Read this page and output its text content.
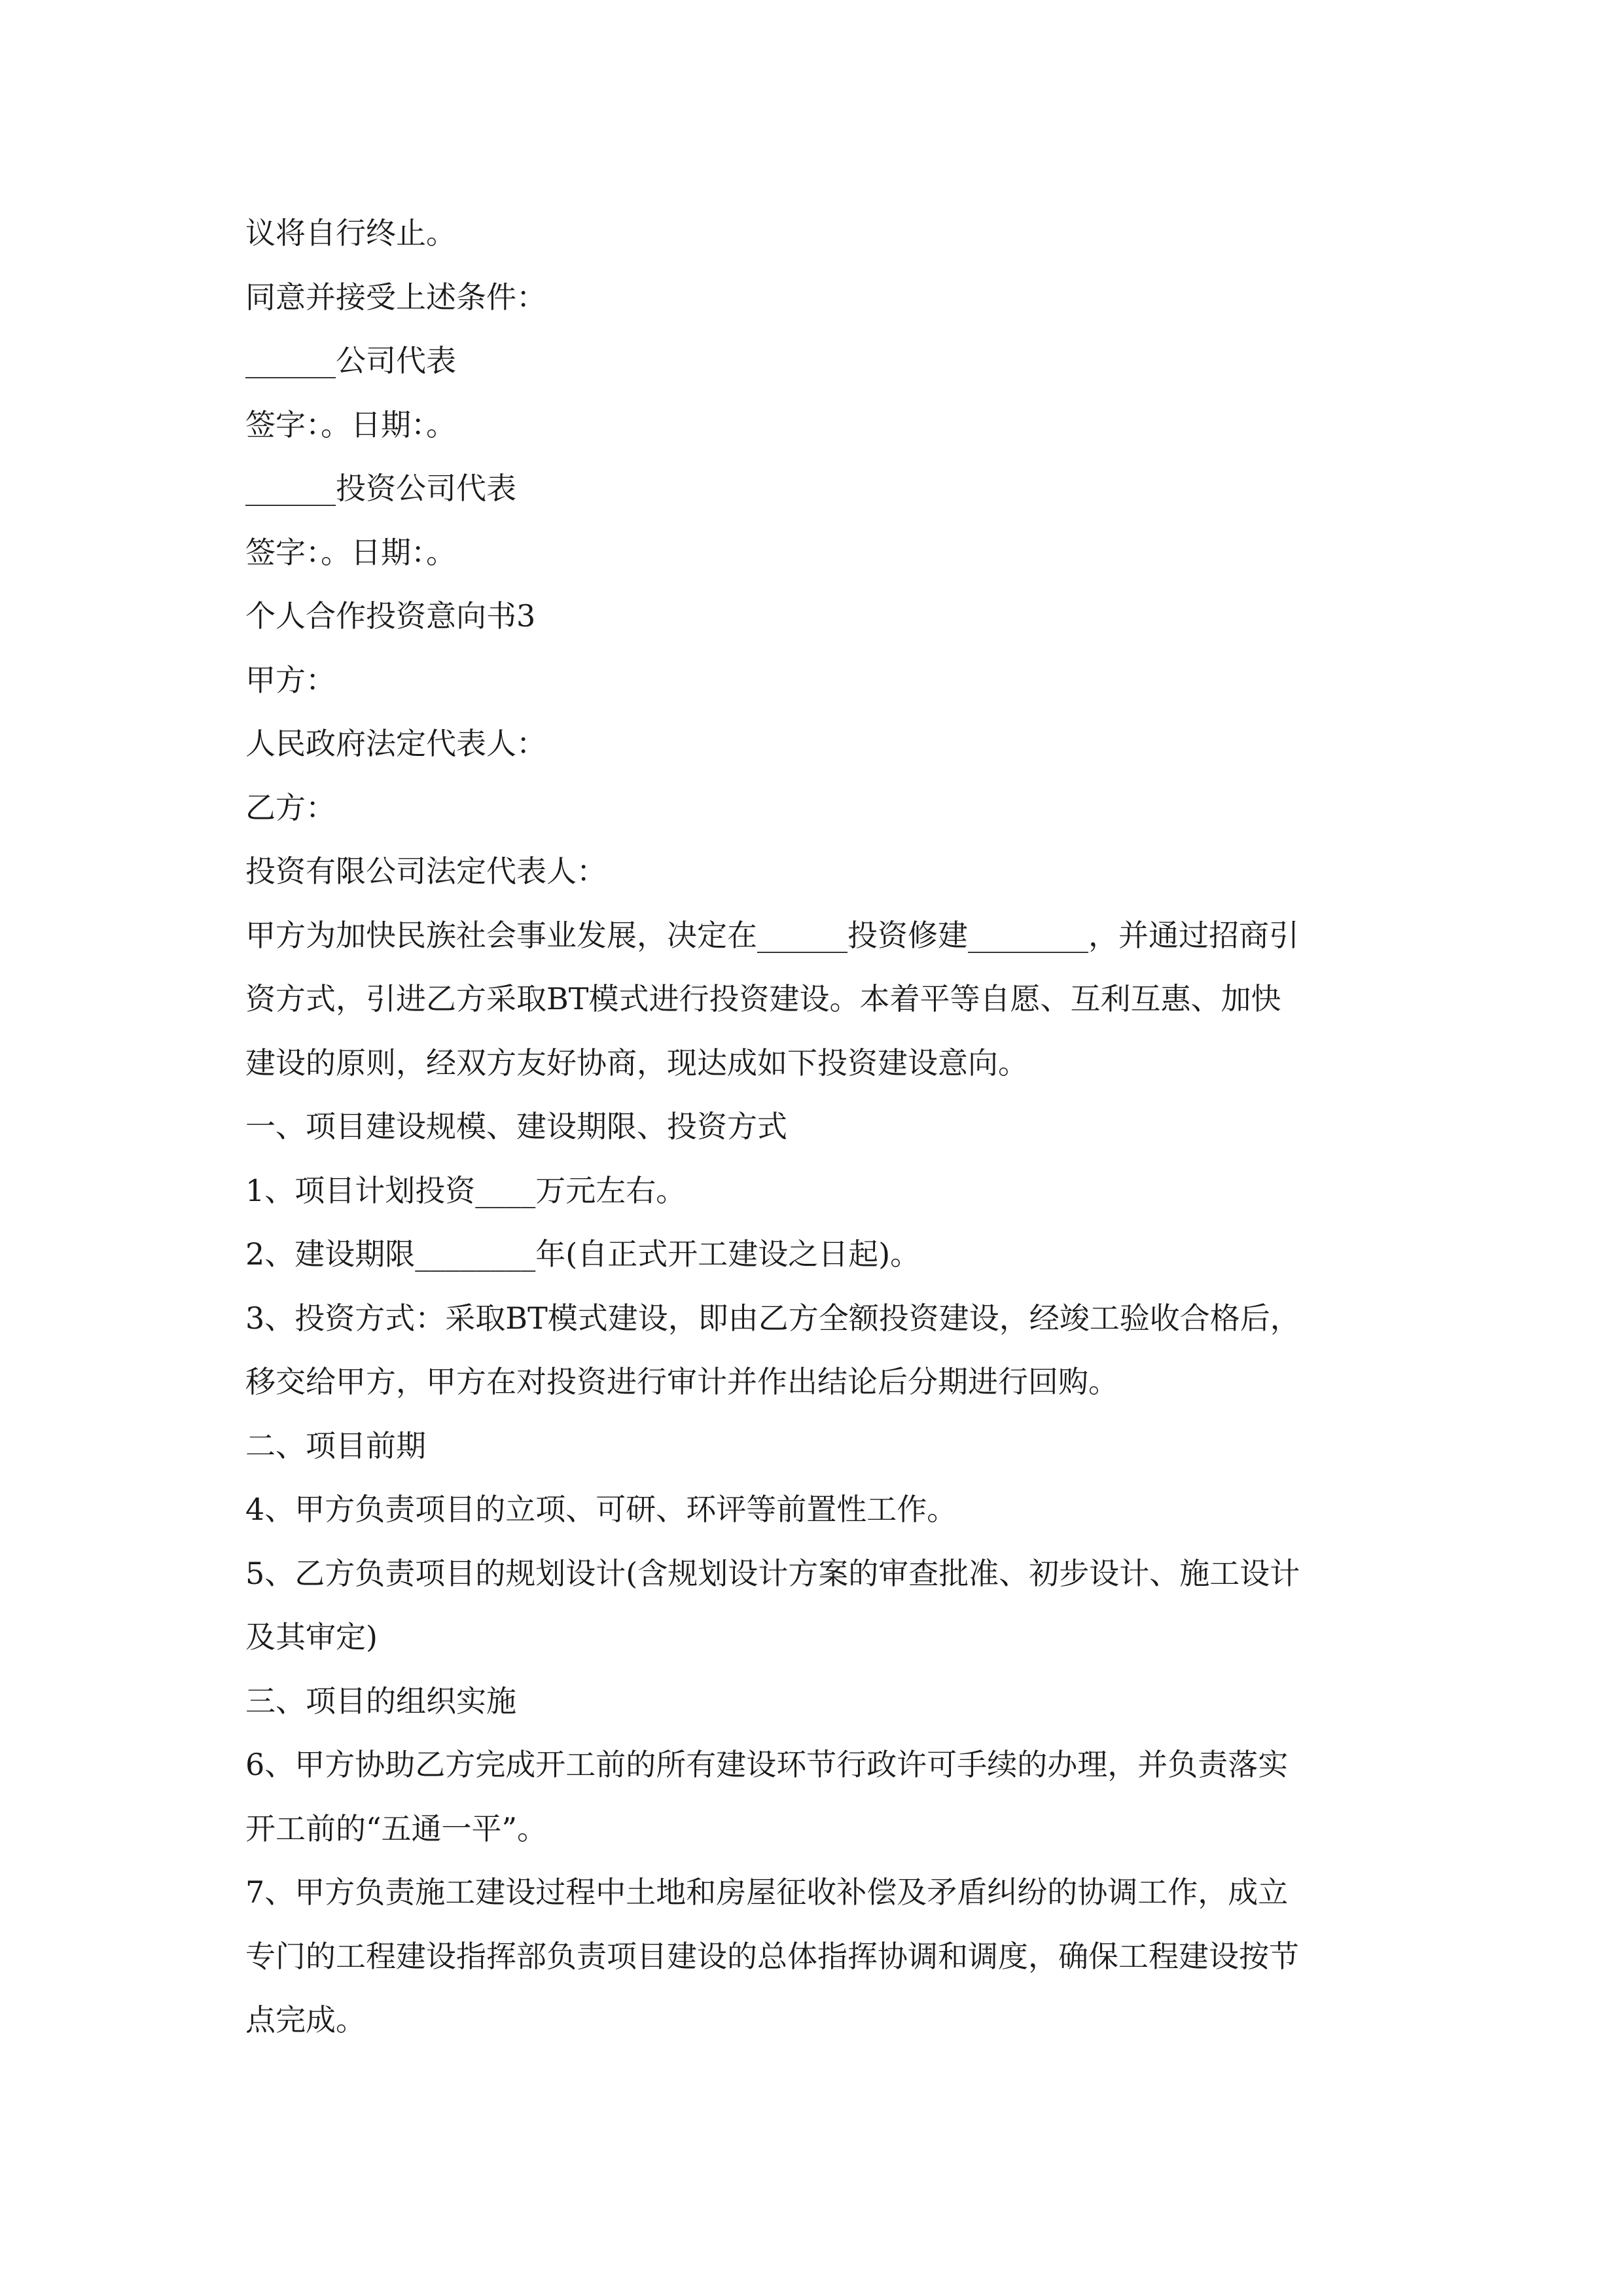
议将自行终止。
同意并接受上述条件：
______公司代表
签字：。日期：。
______投资公司代表
签字：。日期：。
个人合作投资意向书3
甲方：
人民政府法定代表人：
乙方：
投资有限公司法定代表人：
甲方为加快民族社会事业发展，决定在______投资修建________，并通过招商引
资方式，引进乙方采取BT模式进行投资建设。本着平等自愿、互利互惠、加快
建设的原则，经双方友好协商，现达成如下投资建设意向。
一、项目建设规模、建设期限、投资方式
1、项目计划投资____万元左右。
2、建设期限________年(自正式开工建设之日起)。
3、投资方式：采取BT模式建设，即由乙方全额投资建设，经竣工验收合格后，
移交给甲方，甲方在对投资进行审计并作出结论后分期进行回购。
二、项目前期
4、甲方负责项目的立项、可研、环评等前置性工作。
5、乙方负责项目的规划设计(含规划设计方案的审查批准、初步设计、施工设计
及其审定)
三、项目的组织实施
6、甲方协助乙方完成开工前的所有建设环节行政许可手续的办理，并负责落实
开工前的“五通一平”。
7、甲方负责施工建设过程中土地和房屋征收补偿及矛盾纠纷的协调工作，成立
专门的工程建设指挥部负责项目建设的总体指挥协调和调度，确保工程建设按节
点完成。
